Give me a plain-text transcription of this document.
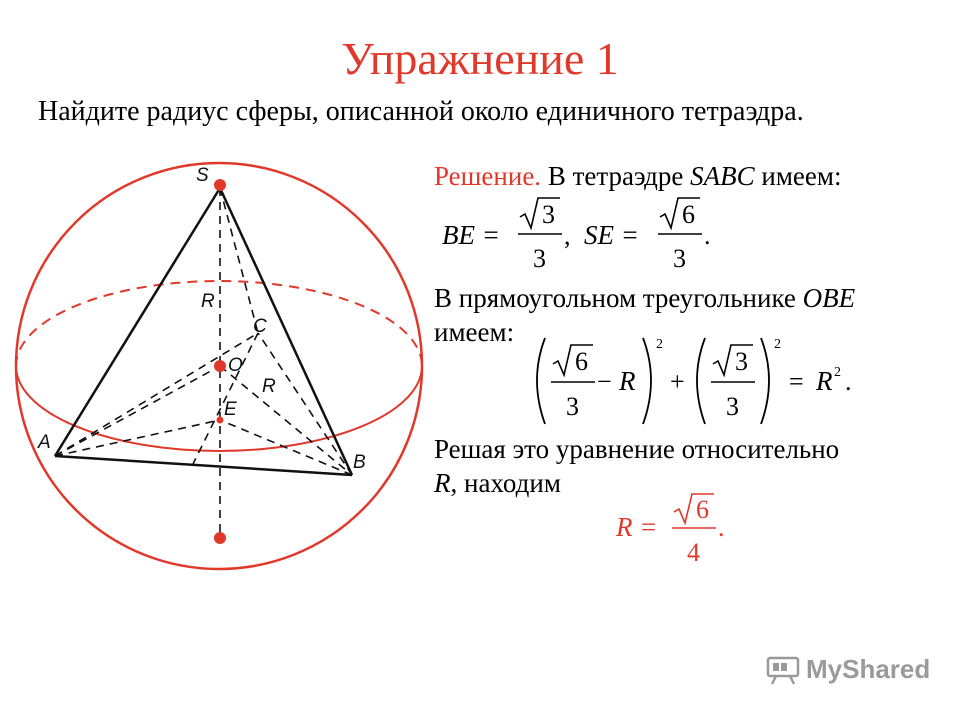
Упражнение 1
Найдите радиус сферы, описанной около единичного тетраэдра.
S
A
B
C
O
E
R
R
Решение. В тетраэдре SABC имеем:
BE =
3
3
, SE =
6
3
.
В прямоугольном треугольнике OBE
имеем:
6
3
− R
2
+
3
3
2
= R 2 .
Решая это уравнение относительно
R, находим
R =
6
4
.
MyShared
